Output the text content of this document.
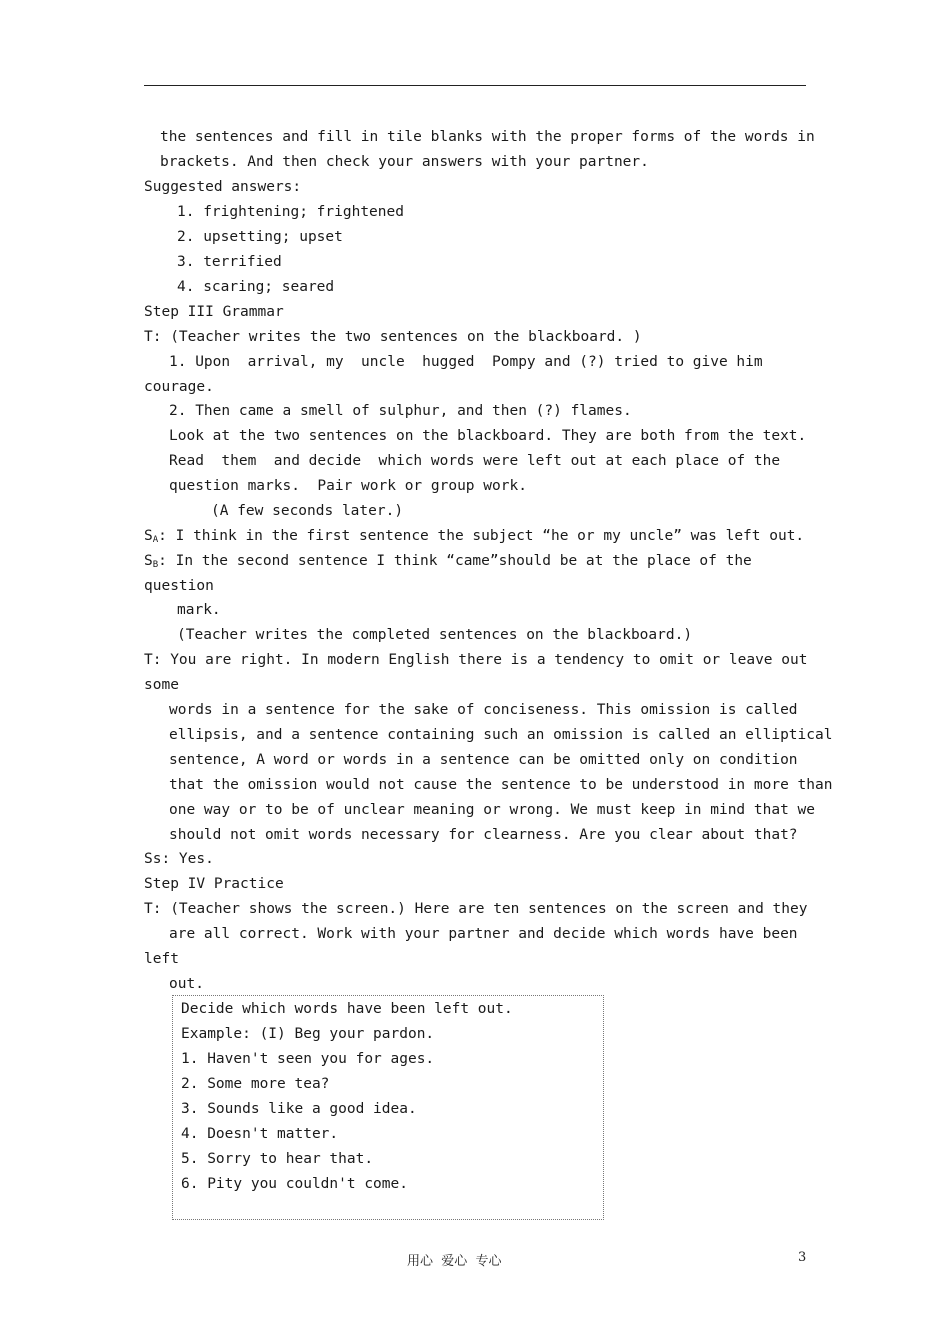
the sentences and fill in tile blanks with the proper forms of the words in
brackets. And then check your answers with your partner.
Suggested answers:
1. frightening; frightened
2. upsetting; upset
3. terrified
4. scaring; seared
Step III Grammar
T: (Teacher writes the two sentences on the blackboard. )
1. Upon  arrival, my  uncle  hugged  Pompy and (?) tried to give him
courage.
2. Then came a smell of sulphur, and then (?) flames.
Look at the two sentences on the blackboard. They are both from the text.
Read  them  and decide  which words were left out at each place of the
question marks.  Pair work or group work.
(A few seconds later.)
$S_A$: I think in the first sentence the subject “he or my uncle” was left out.
$S_B$: In the second sentence I think “came”should be at the place of the
question
mark.
(Teacher writes the completed sentences on the blackboard.)
T: You are right. In modern English there is a tendency to omit or leave out
some
words in a sentence for the sake of conciseness. This omission is called
ellipsis, and a sentence containing such an omission is called an elliptical
sentence, A word or words in a sentence can be omitted only on condition
that the omission would not cause the sentence to be understood in more than
one way or to be of unclear meaning or wrong. We must keep in mind that we
should not omit words necessary for clearness. Are you clear about that?
Ss: Yes.
Step IV Practice
T: (Teacher shows the screen.) Here are ten sentences on the screen and they
are all correct. Work with your partner and decide which words have been
left
out.
Decide which words have been left out.
Example: (I) Beg your pardon.
1. Haven't seen you for ages.
2. Some more tea?
3. Sounds like a good idea.
4. Doesn't matter.
5. Sorry to hear that.
6. Pity you couldn't come.
用心  爱心  专心	3
